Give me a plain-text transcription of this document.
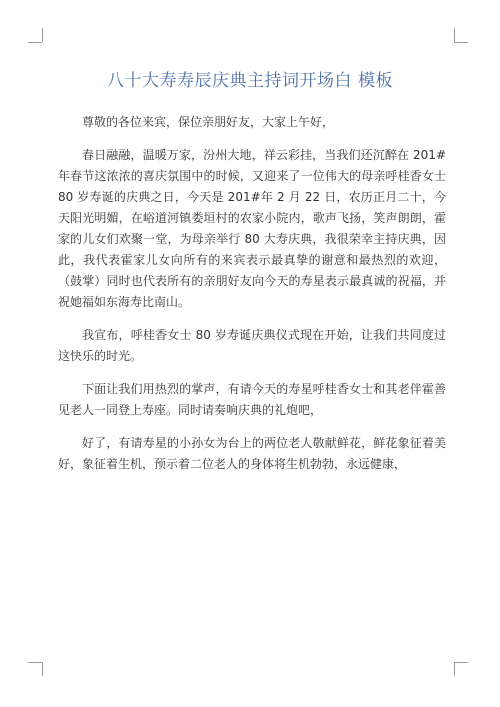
八十大寿寿辰庆典主持词开场白 模板

尊敬的各位来宾，保位亲朋好友，大家上午好，

春日融融，温暖万家，汾州大地，祥云彩挂，当我们还沉醉在 201#年春节这浓浓的喜庆氛围中的时候，又迎来了一位伟大的母亲呼桂香女士 80 岁寿诞的庆典之日，今天是 201#年 2 月 22 日，农历正月二十，今天阳光明媚，在峪道河镇娄垣村的农家小院内，歌声飞扬，笑声朗朗，霍家的儿女们欢聚一堂，为母亲举行 80 大寿庆典，我很荣幸主持庆典，因此，我代表霍家儿女向所有的来宾表示最真挚的谢意和最热烈的欢迎，（鼓掌）同时也代表所有的亲朋好友向今天的寿星表示最真诚的祝福，并祝她福如东海寿比南山。

我宣布，呼桂香女士 80 岁寿诞庆典仪式现在开始，让我们共同度过这快乐的时光。

下面让我们用热烈的掌声，有请今天的寿星呼桂香女士和其老伴霍善见老人一同登上寿座。同时请奏响庆典的礼炮吧，

好了，有请寿星的小孙女为台上的两位老人敬献鲜花，鲜花象征着美好，象征着生机，预示着二位老人的身体将生机勃勃，永远健康，
